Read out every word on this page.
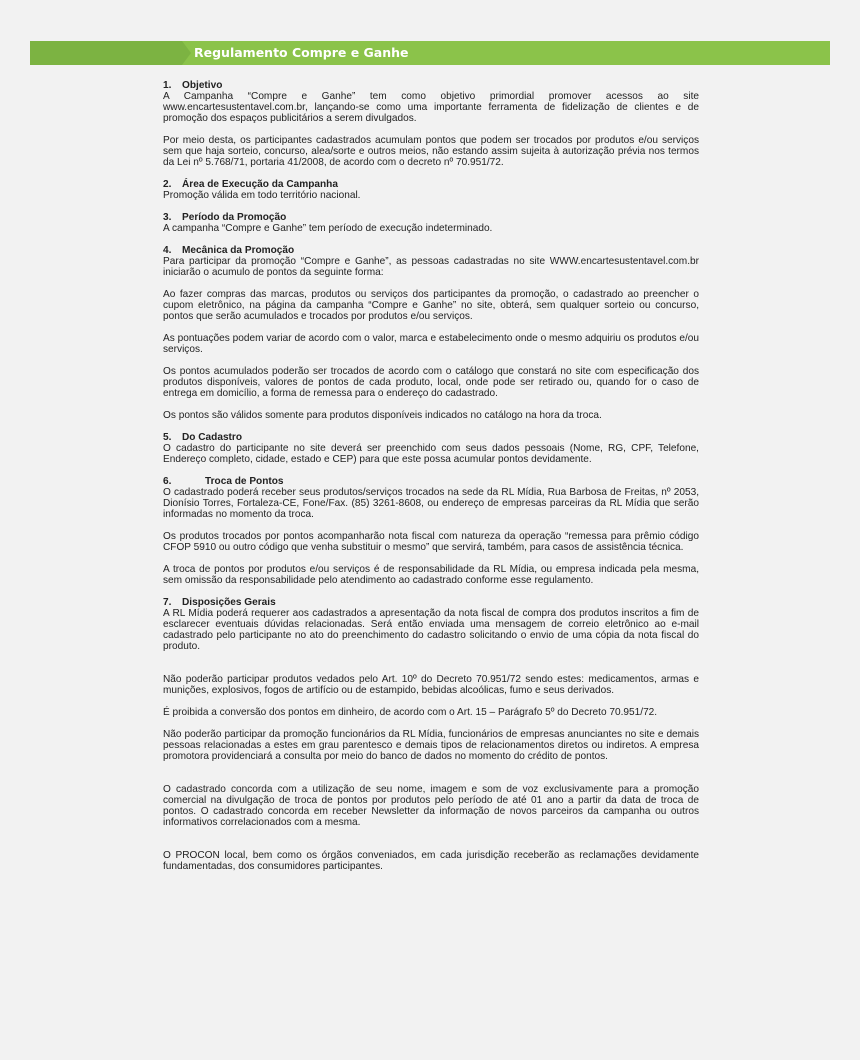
Regulamento Compre e Ganhe
1. Objetivo

A Campanha “Compre e Ganhe” tem como objetivo primordial promover acessos ao site www.encartesustentavel.com.br, lançando-se como uma importante ferramenta de fidelização de clientes e de promoção dos espaços publicitários a serem divulgados.

Por meio desta, os participantes cadastrados acumulam pontos que podem ser trocados por produtos e/ou serviços sem que haja sorteio, concurso, alea/sorte e outros meios, não estando assim sujeita à autorização prévia nos termos da Lei nº 5.768/71, portaria 41/2008, de acordo com o decreto nº 70.951/72.

2. Área de Execução da Campanha

Promoção válida em todo território nacional.

3. Período da Promoção

A campanha “Compre e Ganhe” tem período de execução indeterminado.

4. Mecânica da Promoção

Para participar da promoção “Compre e Ganhe”, as pessoas cadastradas no site WWW.encartesustentavel.com.br iniciarão o acumulo de pontos da seguinte forma:

Ao fazer compras das marcas, produtos ou serviços dos participantes da promoção, o cadastrado ao preencher o cupom eletrônico, na página da campanha “Compre e Ganhe” no site, obterá, sem qualquer sorteio ou concurso, pontos que serão acumulados e trocados por produtos e/ou serviços.

As pontuações podem variar de acordo com o valor, marca e estabelecimento onde o mesmo adquiriu os produtos e/ou serviços.

Os pontos acumulados poderão ser trocados de acordo com o catálogo que constará no site com especificação dos produtos disponíveis, valores de pontos de cada produto, local, onde pode ser retirado ou, quando for o caso de entrega em domicílio, a forma de remessa para o endereço do cadastrado.

Os pontos são válidos somente para produtos disponíveis indicados no catálogo na hora da troca.

5. Do Cadastro

O cadastro do participante no site deverá ser preenchido com seus dados pessoais (Nome, RG, CPF, Telefone, Endereço completo, cidade, estado e CEP) para que este possa acumular pontos devidamente.

6.	Troca de Pontos

O cadastrado poderá receber seus produtos/serviços trocados na sede da RL Mídia, Rua Barbosa de Freitas, nº 2053, Dionísio Torres, Fortaleza-CE, Fone/Fax. (85) 3261-8608, ou endereço de empresas parceiras da RL Mídia que serão informadas no momento da troca.

Os produtos trocados por pontos acompanharão nota fiscal com natureza da operação “remessa para prêmio código CFOP 5910 ou outro código que venha substituir o mesmo” que servirá, também, para casos de assistência técnica.

A troca de pontos por produtos e/ou serviços é de responsabilidade da RL Mídia, ou empresa indicada pela mesma, sem omissão da responsabilidade pelo atendimento ao cadastrado conforme esse regulamento.

7. Disposições Gerais

A RL Mídia poderá requerer aos cadastrados a apresentação da nota fiscal de compra dos produtos inscritos a fim de esclarecer eventuais dúvidas relacionadas. Será então enviada uma mensagem de correio eletrônico ao e-mail cadastrado pelo participante no ato do preenchimento do cadastro solicitando o envio de uma cópia da nota fiscal do produto.

Não poderão participar produtos vedados pelo Art. 10º do Decreto 70.951/72 sendo estes: medicamentos, armas e munições, explosivos, fogos de artifício ou de estampido, bebidas alcoólicas, fumo e seus derivados.

É proibida a conversão dos pontos em dinheiro, de acordo com o Art. 15 – Parágrafo 5º do Decreto 70.951/72.

Não poderão participar da promoção funcionários da RL Mídia, funcionários de empresas anunciantes no site e demais pessoas relacionadas a estes em grau parentesco e demais tipos de relacionamentos diretos ou indiretos. A empresa promotora providenciará a consulta por meio do banco de dados no momento do crédito de pontos.

O cadastrado concorda com a utilização de seu nome, imagem e som de voz exclusivamente para a promoção comercial na divulgação de troca de pontos por produtos pelo período de até 01 ano a partir da data de troca de pontos. O cadastrado concorda em receber Newsletter da informação de novos parceiros da campanha ou outros informativos correlacionados com a mesma.

O PROCON local, bem como os órgãos conveniados, em cada jurisdição receberão as reclamações devidamente fundamentadas, dos consumidores participantes.
